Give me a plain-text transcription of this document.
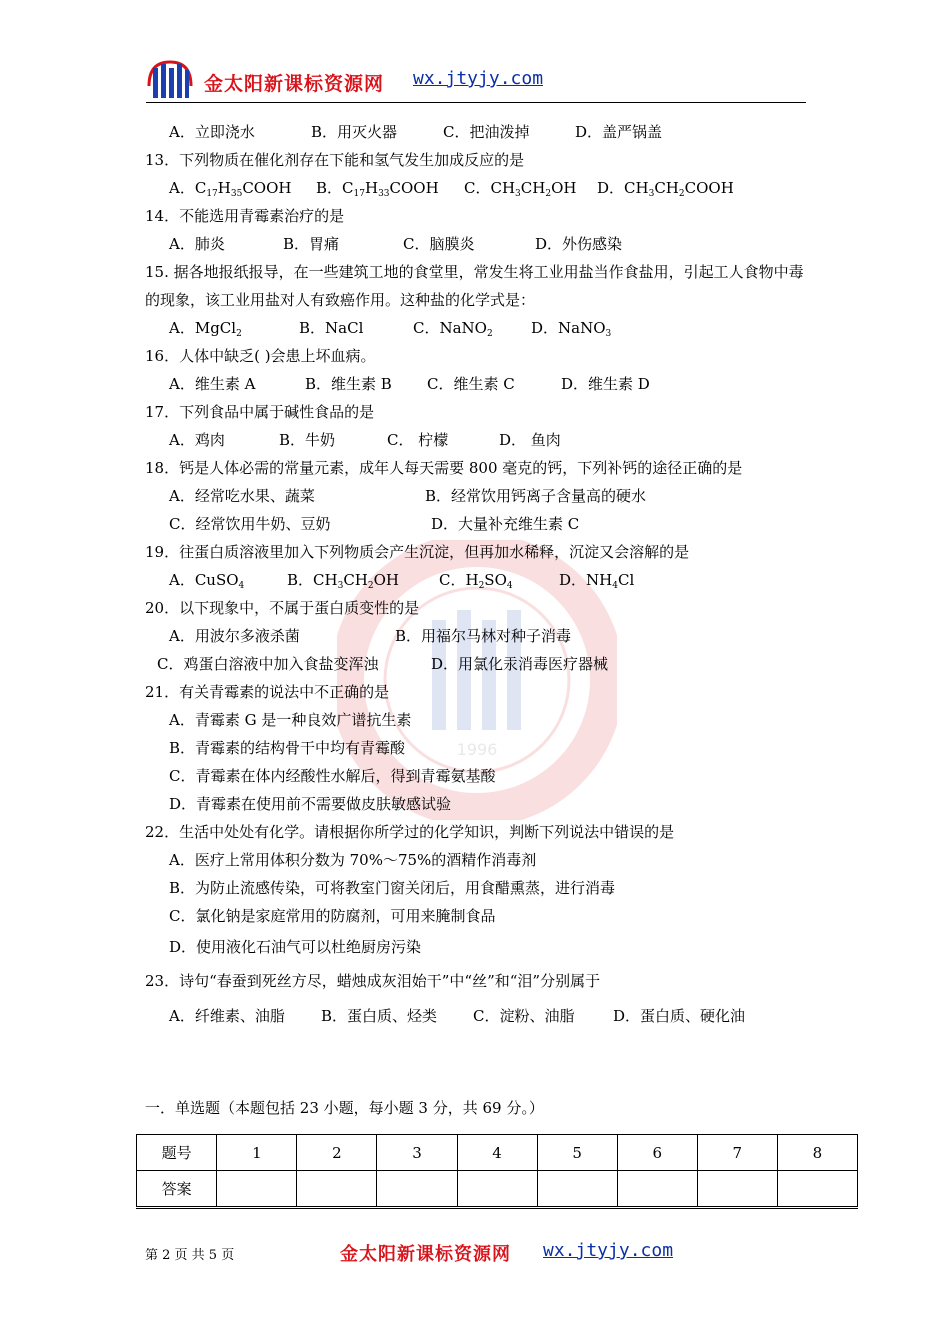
金太阳新课标资源网 wx.jtyjy.com
1996
A．立即浇水	B．用灭火器	C．把油泼掉	D．盖严锅盖
13．下列物质在催化剂存在下能和氢气发生加成反应的是
A．$C_{17}H_{35}COOH$ B．$C_{17}H_{33}COOH$ C．$CH_3CH_2OH$ D．$CH_3CH_2COOH$
14．不能选用青霉素治疗的是
A．肺炎	B．胃痛	C．脑膜炎	D．外伤感染
15. 据各地报纸报导，在一些建筑工地的食堂里，常发生将工业用盐当作食盐用，引起工人食物中毒的现象，该工业用盐对人有致癌作用。这种盐的化学式是：
A．MgCl$_2$	B．NaCl	C．NaNO$_2$	D．NaNO$_3$
16．人体中缺乏( )会患上坏血病。
A．维生素 A	B．维生素 B C．维生素 C	D．维生素 D
17．下列食品中属于碱性食品的是
A．鸡肉	B．牛奶	C． 柠檬	D． 鱼肉
18．钙是人体必需的常量元素，成年人每天需要 800 毫克的钙，下列补钙的途径正确的是
A．经常吃水果、蔬菜	B．经常饮用钙离子含量高的硬水
C．经常饮用牛奶、豆奶	D．大量补充维生素 C
19．往蛋白质溶液里加入下列物质会产生沉淀，但再加水稀释，沉淀又会溶解的是
A．CuSO$_4$	B．$CH_3CH_2OH$	C．$H_2SO_4$	D．$NH_4Cl$
20．以下现象中，不属于蛋白质变性的是
A．用波尔多液杀菌	B．用福尔马林对种子消毒
C．鸡蛋白溶液中加入食盐变浑浊	D．用氯化汞消毒医疗器械
21．有关青霉素的说法中不正确的是
A．青霉素 G 是一种良效广谱抗生素
B．青霉素的结构骨干中均有青霉酸
C．青霉素在体内经酸性水解后，得到青霉氨基酸
D．青霉素在使用前不需要做皮肤敏感试验
22．生活中处处有化学。请根据你所学过的化学知识，判断下列说法中错误的是
A．医疗上常用体积分数为 70%～75%的酒精作消毒剂
B．为防止流感传染，可将教室门窗关闭后，用食醋熏蒸，进行消毒
C．氯化钠是家庭常用的防腐剂，可用来腌制食品
D．使用液化石油气可以杜绝厨房污染
23．诗句“春蚕到死丝方尽，蜡烛成灰泪始干”中“丝”和“泪”分别属于
A．纤维素、油脂 B．蛋白质、烃类 C．淀粉、油脂	D．蛋白质、硬化油
一．单选题（本题包括 23 小题，每小题 3 分，共 69 分。）
题号	1	2	3	4	5	6	7	8
答案								
第 2 页 共 5 页	金太阳新课标资源网 wx.jtyjy.com
